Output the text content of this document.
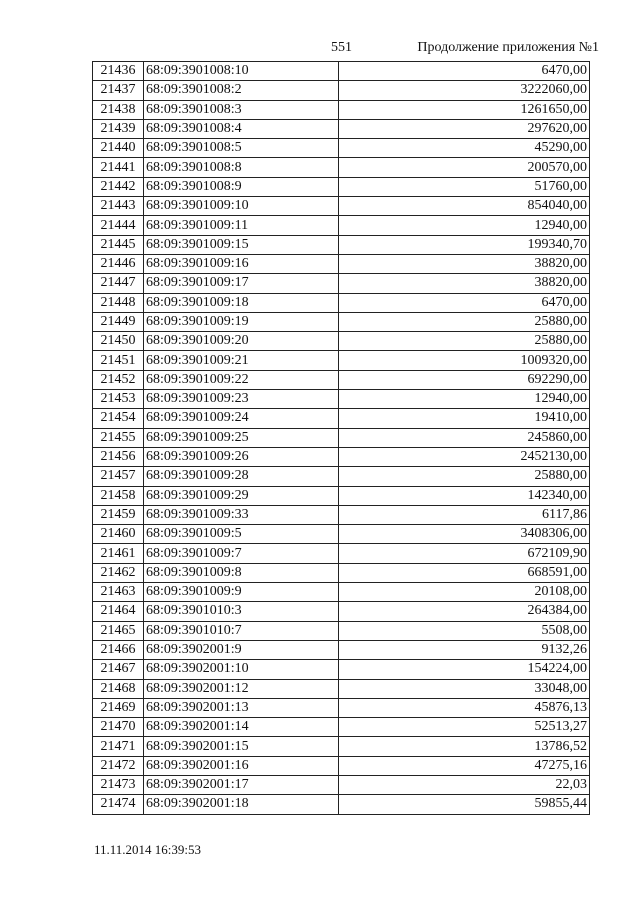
551	Продолжение приложения №1
21436	68:09:3901008:10	6470,00
21437	68:09:3901008:2	3222060,00
21438	68:09:3901008:3	1261650,00
21439	68:09:3901008:4	297620,00
21440	68:09:3901008:5	45290,00
21441	68:09:3901008:8	200570,00
21442	68:09:3901008:9	51760,00
21443	68:09:3901009:10	854040,00
21444	68:09:3901009:11	12940,00
21445	68:09:3901009:15	199340,70
21446	68:09:3901009:16	38820,00
21447	68:09:3901009:17	38820,00
21448	68:09:3901009:18	6470,00
21449	68:09:3901009:19	25880,00
21450	68:09:3901009:20	25880,00
21451	68:09:3901009:21	1009320,00
21452	68:09:3901009:22	692290,00
21453	68:09:3901009:23	12940,00
21454	68:09:3901009:24	19410,00
21455	68:09:3901009:25	245860,00
21456	68:09:3901009:26	2452130,00
21457	68:09:3901009:28	25880,00
21458	68:09:3901009:29	142340,00
21459	68:09:3901009:33	6117,86
21460	68:09:3901009:5	3408306,00
21461	68:09:3901009:7	672109,90
21462	68:09:3901009:8	668591,00
21463	68:09:3901009:9	20108,00
21464	68:09:3901010:3	264384,00
21465	68:09:3901010:7	5508,00
21466	68:09:3902001:9	9132,26
21467	68:09:3902001:10	154224,00
21468	68:09:3902001:12	33048,00
21469	68:09:3902001:13	45876,13
21470	68:09:3902001:14	52513,27
21471	68:09:3902001:15	13786,52
21472	68:09:3902001:16	47275,16
21473	68:09:3902001:17	22,03
21474	68:09:3902001:18	59855,44
11.11.2014 16:39:53
